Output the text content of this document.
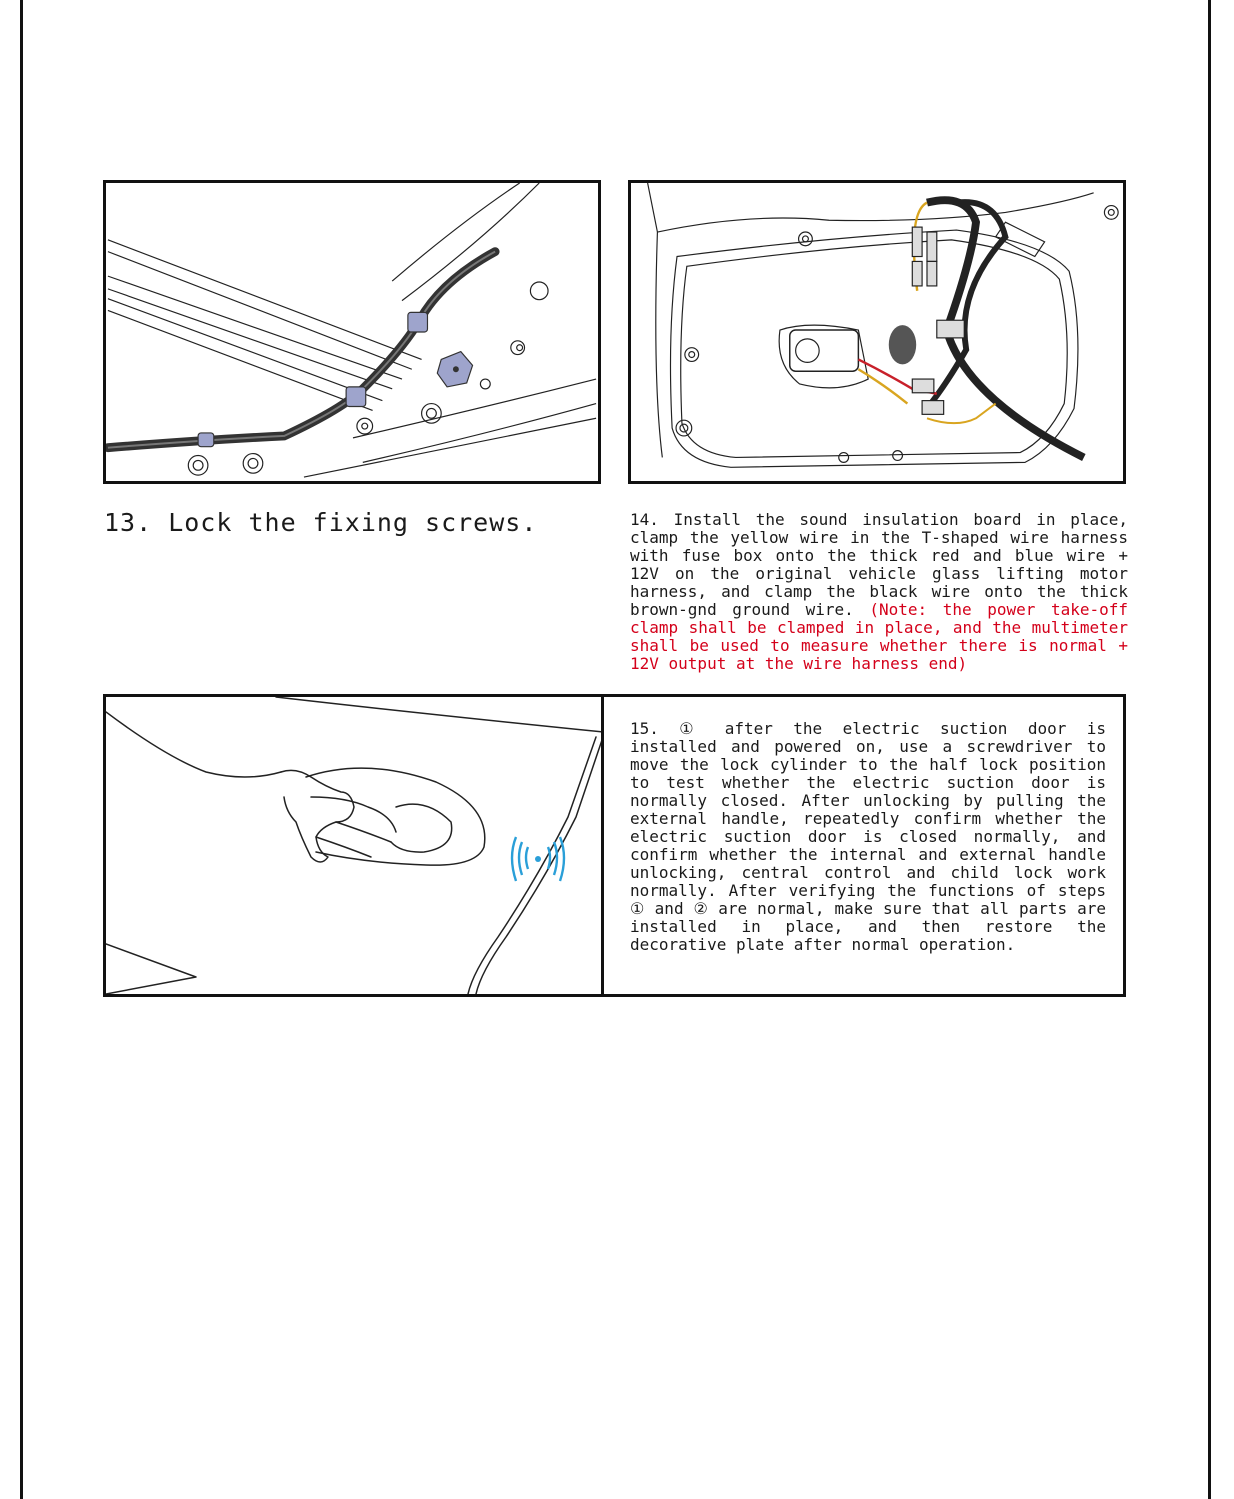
13. Lock the fixing screws.	14. Install the sound insulation board in place, clamp the yellow wire in the T-shaped wire harness with fuse box onto the thick red and blue wire + 12V on the original vehicle glass lifting motor harness, and clamp the black wire onto the thick brown-gnd ground wire. (Note: the power take-off clamp shall be clamped in place, and the multimeter shall be used to measure whether there is normal + 12V output at the wire harness end)
15. ① after the electric suction door is installed and powered on, use a screwdriver to move the lock cylinder to the half lock position to test whether the electric suction door is normally closed. After unlocking by pulling the external handle, repeatedly confirm whether the electric suction door is closed normally, and confirm whether the internal and external handle unlocking, central control and child lock work normally. After verifying the functions of steps ① and ② are normal, make sure that all parts are installed in place, and then restore the decorative plate after normal operation.
